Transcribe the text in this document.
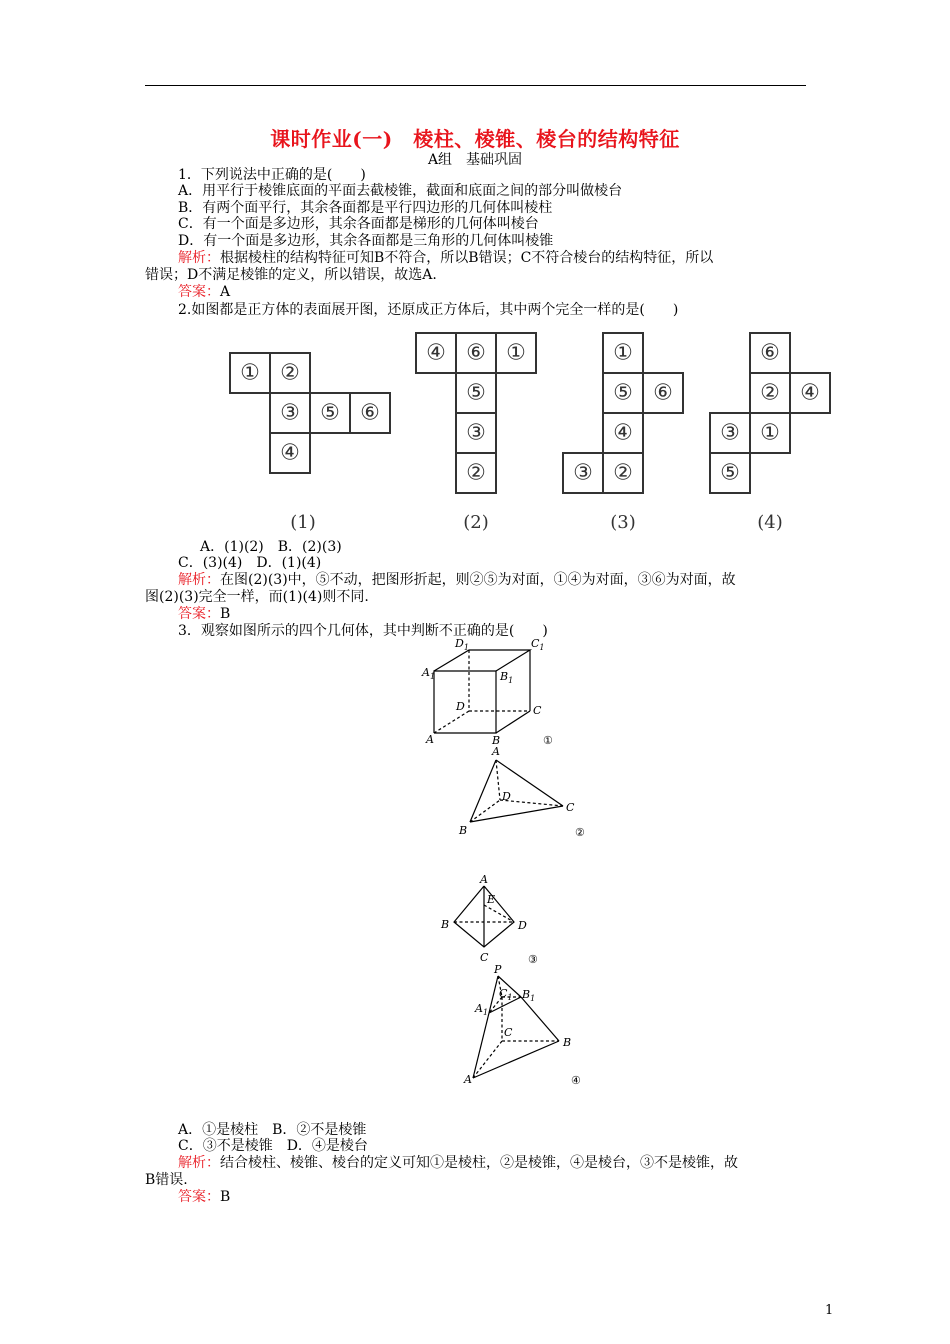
课时作业(一)　棱柱、棱锥、棱台的结构特征
A组　基础巩固
1．下列说法中正确的是(　　)
A．用平行于棱锥底面的平面去截棱锥，截面和底面之间的部分叫做棱台
B．有两个面平行，其余各面都是平行四边形的几何体叫棱柱
C．有一个面是多边形，其余各面都是梯形的几何体叫棱台
D．有一个面是多边形，其余各面都是三角形的几何体叫棱锥
解析：根据棱柱的结构特征可知B不符合，所以B错误；C不符合棱台的结构特征，所以
错误；D不满足棱锥的定义，所以错误，故选A.
答案：A
2.如图都是正方体的表面展开图，还原成正方体后，其中两个完全一样的是(　　)
① ②
③ ⑤ ⑥
④
④ ⑥ ①
⑤
③
②
①
⑤ ⑥
④
③ ②
⑥
② ④
③ ①
⑤
(1)	(2)	(3)	(4)
A．(1)(2)　B．(2)(3)
C．(3)(4)　D．(1)(4)
解析：在图(2)(3)中，⑤不动，把图形折起，则②⑤为对面，①④为对面，③⑥为对面，故
图(2)(3)完全一样，而(1)(4)则不同.
答案：B
3．观察如图所示的四个几何体，其中判断不正确的是(　　)
$D_1$	$C_1$
$A_1$	$B_1$
D	C
A	B	①
A
B
C
D
②
A
E
B	D
C	③
P
$A_1$
$C_1$ $B_1$
C
B
A	④
A．①是棱柱　B．②不是棱锥
C．③不是棱锥　D．④是棱台
解析：结合棱柱、棱锥、棱台的定义可知①是棱柱，②是棱锥，④是棱台，③不是棱锥，故
B错误.
答案：B
1
